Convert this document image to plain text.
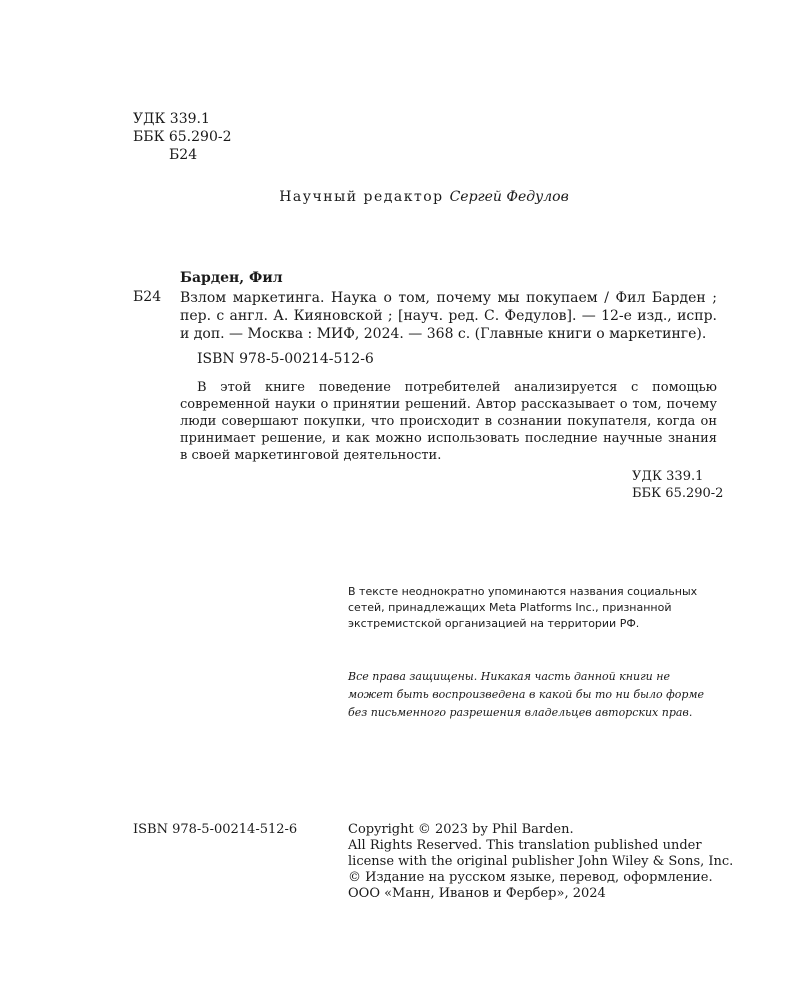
УДК 339.1
ББК 65.290-2
Б24
Научный редактор Сергей Федулов
Барден, Фил
Б24 Взлом маркетинга. Наука о том, почему мы покупаем / Фил Барден ; пер. с англ. А. Кияновской ; [науч. ред. С. Федулов]. — 12-е изд., испр. и доп. — Москва : МИФ, 2024. — 368 с. (Главные книги о маркетинге).
ISBN 978-5-00214-512-6
В этой книге поведение потребителей анализируется с помощью современной науки о принятии решений. Автор рассказывает о том, почему люди совершают покупки, что происходит в сознании покупателя, когда он принимает решение, и как можно использовать последние научные знания в своей маркетинговой деятельности.
УДК 339.1
ББК 65.290-2
В тексте неоднократно упоминаются названия социальных сетей, принадлежащих Meta Platforms Inc., признанной экстремистской организацией на территории РФ.
Все права защищены. Никакая часть данной книги не может быть воспроизведена в какой бы то ни было форме без письменного разрешения владельцев авторских прав.
ISBN 978-5-00214-512-6	Copyright © 2023 by Phil Barden.
All Rights Reserved. This translation published under
license with the original publisher John Wiley & Sons, Inc.
© Издание на русском языке, перевод, оформление.
ООО «Манн, Иванов и Фербер», 2024
